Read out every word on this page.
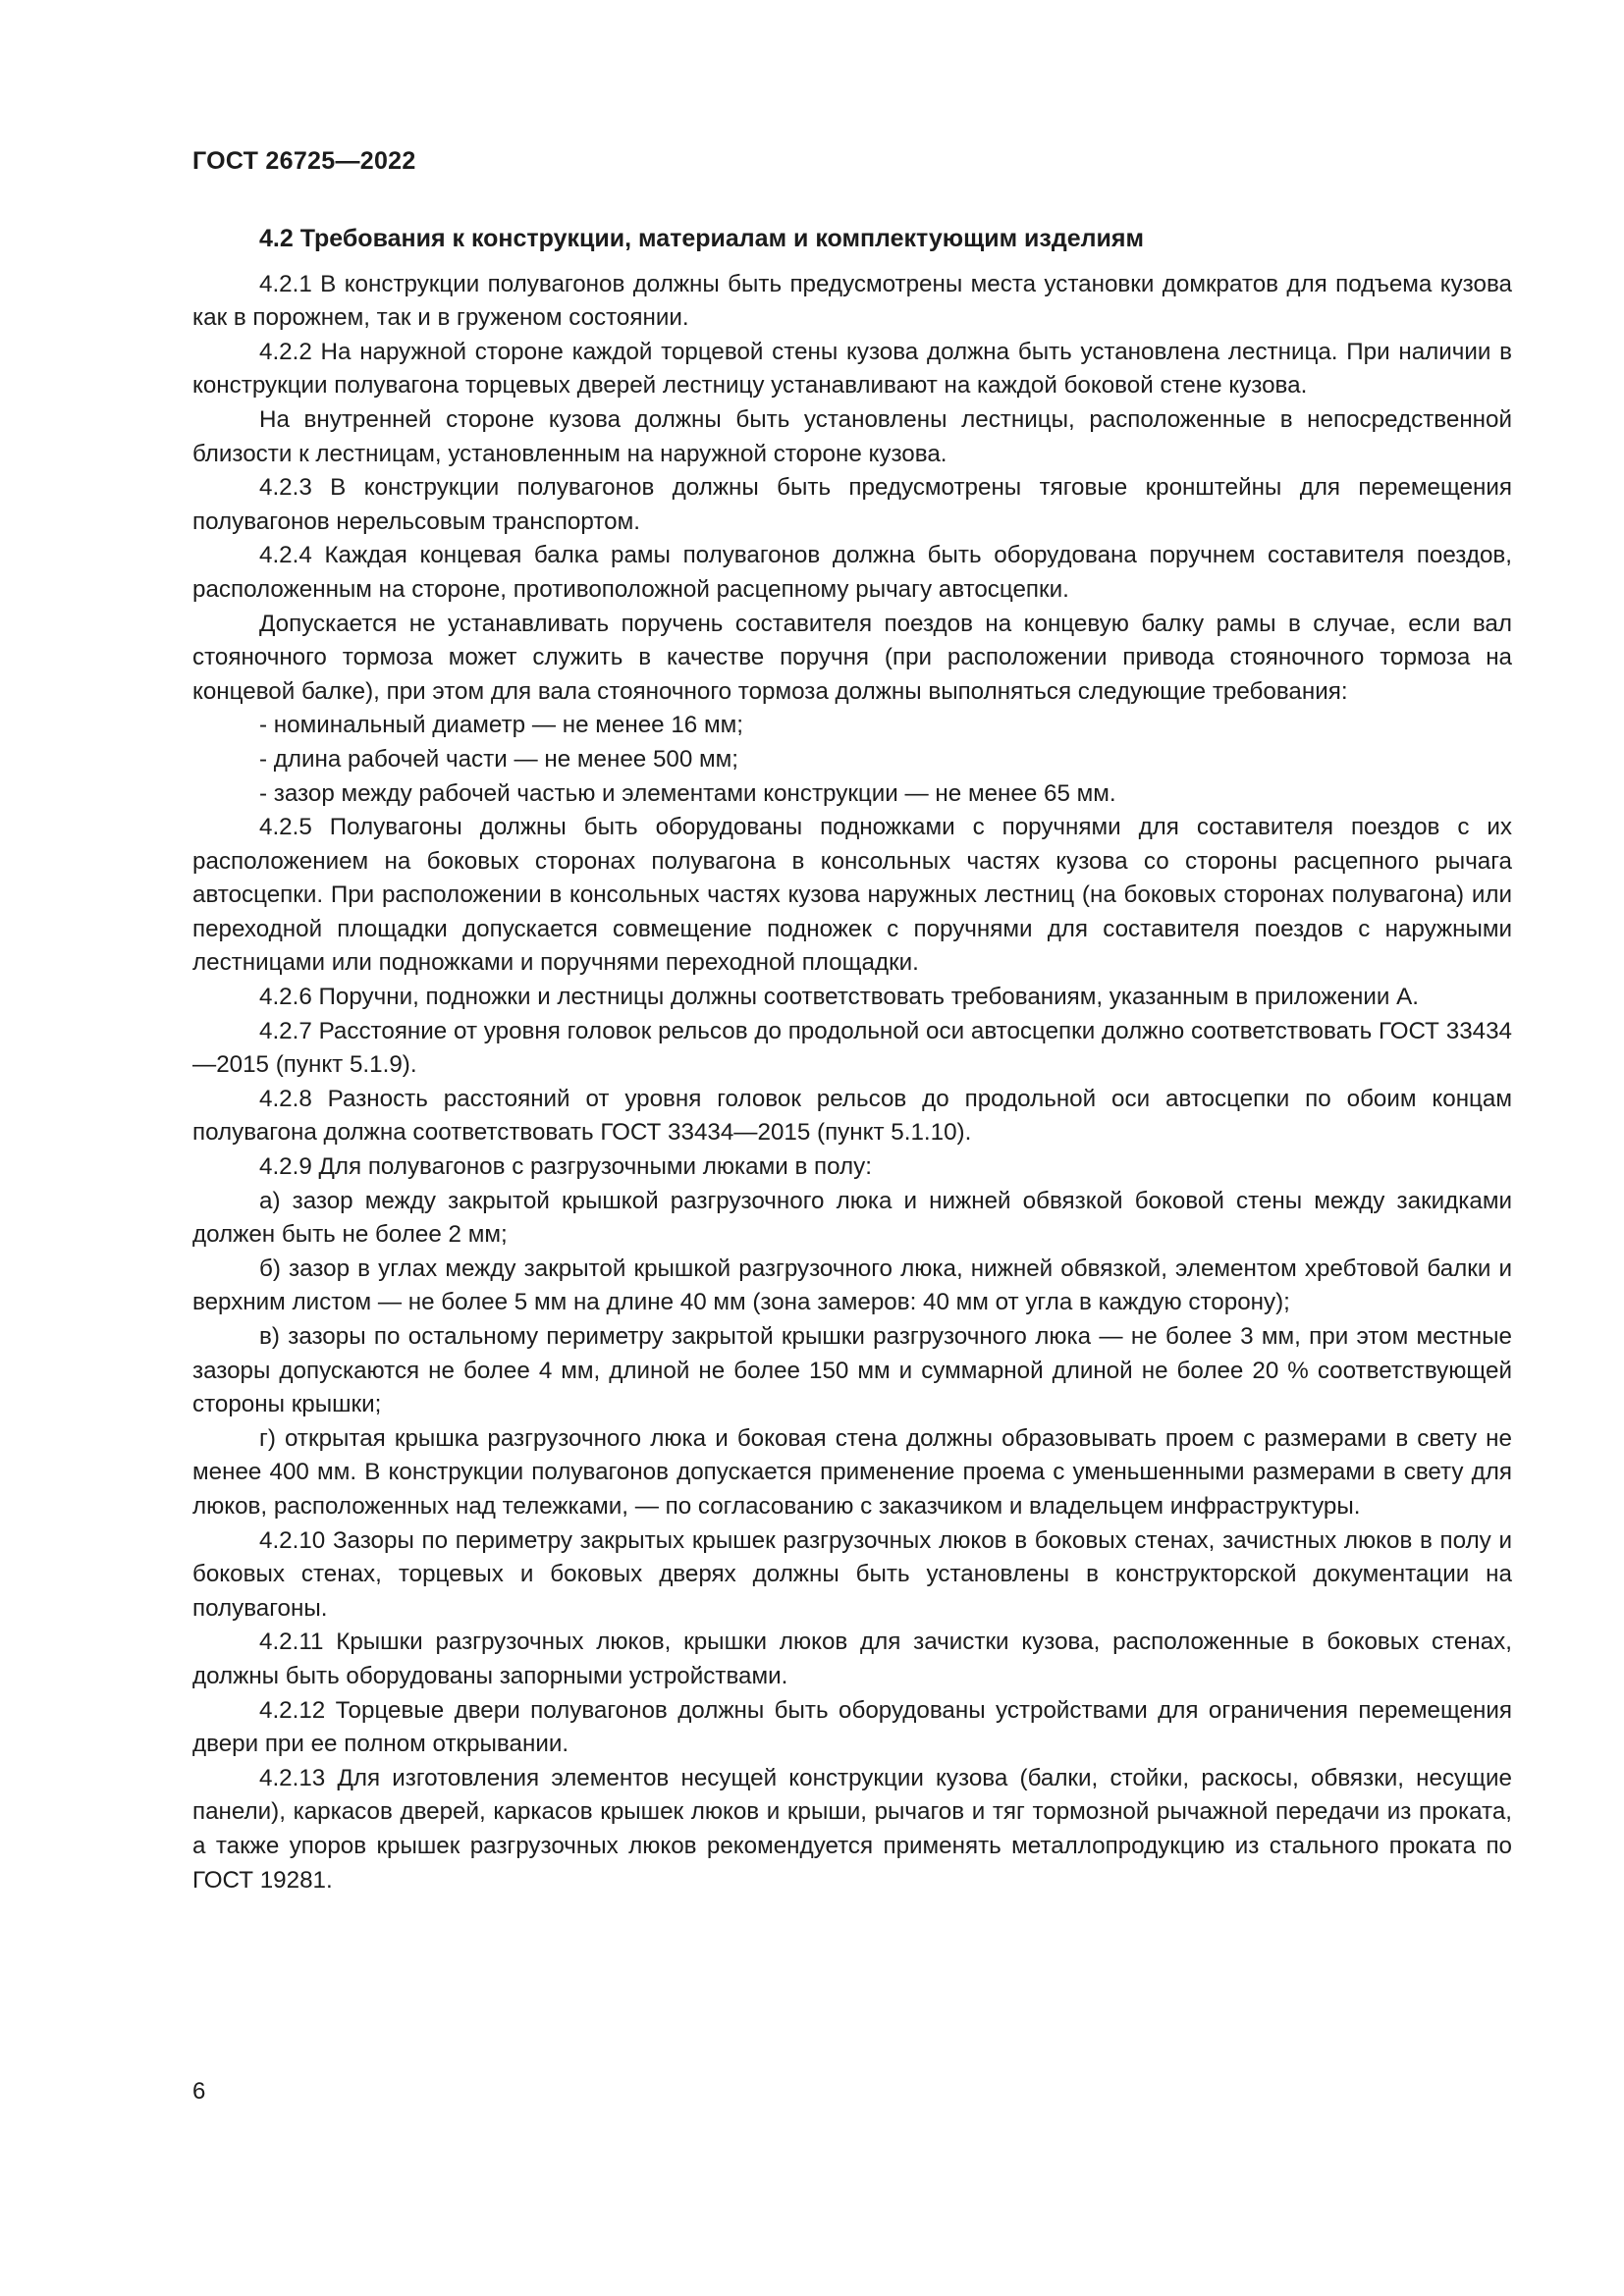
ГОСТ 26725—2022
4.2 Требования к конструкции, материалам и комплектующим изделиям

4.2.1 В конструкции полувагонов должны быть предусмотрены места установки домкратов для подъема кузова как в порожнем, так и в груженом состоянии.

4.2.2 На наружной стороне каждой торцевой стены кузова должна быть установлена лестница. При наличии в конструкции полувагона торцевых дверей лестницу устанавливают на каждой боковой стене кузова.

На внутренней стороне кузова должны быть установлены лестницы, расположенные в непосредственной близости к лестницам, установленным на наружной стороне кузова.

4.2.3 В конструкции полувагонов должны быть предусмотрены тяговые кронштейны для перемещения полувагонов нерельсовым транспортом.

4.2.4 Каждая концевая балка рамы полувагонов должна быть оборудована поручнем составителя поездов, расположенным на стороне, противоположной расцепному рычагу автосцепки.

Допускается не устанавливать поручень составителя поездов на концевую балку рамы в случае, если вал стояночного тормоза может служить в качестве поручня (при расположении привода стояночного тормоза на концевой балке), при этом для вала стояночного тормоза должны выполняться следующие требования:

- номинальный диаметр — не менее 16 мм;

- длина рабочей части — не менее 500 мм;

- зазор между рабочей частью и элементами конструкции — не менее 65 мм.

4.2.5 Полувагоны должны быть оборудованы подножками с поручнями для составителя поездов с их расположением на боковых сторонах полувагона в консольных частях кузова со стороны расцепного рычага автосцепки. При расположении в консольных частях кузова наружных лестниц (на боковых сторонах полувагона) или переходной площадки допускается совмещение подножек с поручнями для составителя поездов с наружными лестницами или подножками и поручнями переходной площадки.

4.2.6 Поручни, подножки и лестницы должны соответствовать требованиям, указанным в приложении А.

4.2.7 Расстояние от уровня головок рельсов до продольной оси автосцепки должно соответствовать ГОСТ 33434—2015 (пункт 5.1.9).

4.2.8 Разность расстояний от уровня головок рельсов до продольной оси автосцепки по обоим концам полувагона должна соответствовать ГОСТ 33434—2015 (пункт 5.1.10).

4.2.9 Для полувагонов с разгрузочными люками в полу:

а) зазор между закрытой крышкой разгрузочного люка и нижней обвязкой боковой стены между закидками должен быть не более 2 мм;

б) зазор в углах между закрытой крышкой разгрузочного люка, нижней обвязкой, элементом хребтовой балки и верхним листом — не более 5 мм на длине 40 мм (зона замеров: 40 мм от угла в каждую сторону);

в) зазоры по остальному периметру закрытой крышки разгрузочного люка — не более 3 мм, при этом местные зазоры допускаются не более 4 мм, длиной не более 150 мм и суммарной длиной не более 20 % соответствующей стороны крышки;

г) открытая крышка разгрузочного люка и боковая стена должны образовывать проем с размерами в свету не менее 400 мм. В конструкции полувагонов допускается применение проема с уменьшенными размерами в свету для люков, расположенных над тележками, — по согласованию с заказчиком и владельцем инфраструктуры.

4.2.10 Зазоры по периметру закрытых крышек разгрузочных люков в боковых стенах, зачистных люков в полу и боковых стенах, торцевых и боковых дверях должны быть установлены в конструкторской документации на полувагоны.

4.2.11 Крышки разгрузочных люков, крышки люков для зачистки кузова, расположенные в боковых стенах, должны быть оборудованы запорными устройствами.

4.2.12 Торцевые двери полувагонов должны быть оборудованы устройствами для ограничения перемещения двери при ее полном открывании.

4.2.13 Для изготовления элементов несущей конструкции кузова (балки, стойки, раскосы, обвязки, несущие панели), каркасов дверей, каркасов крышек люков и крыши, рычагов и тяг тормозной рычажной передачи из проката, а также упоров крышек разгрузочных люков рекомендуется применять металлопродукцию из стального проката по ГОСТ 19281.

6
